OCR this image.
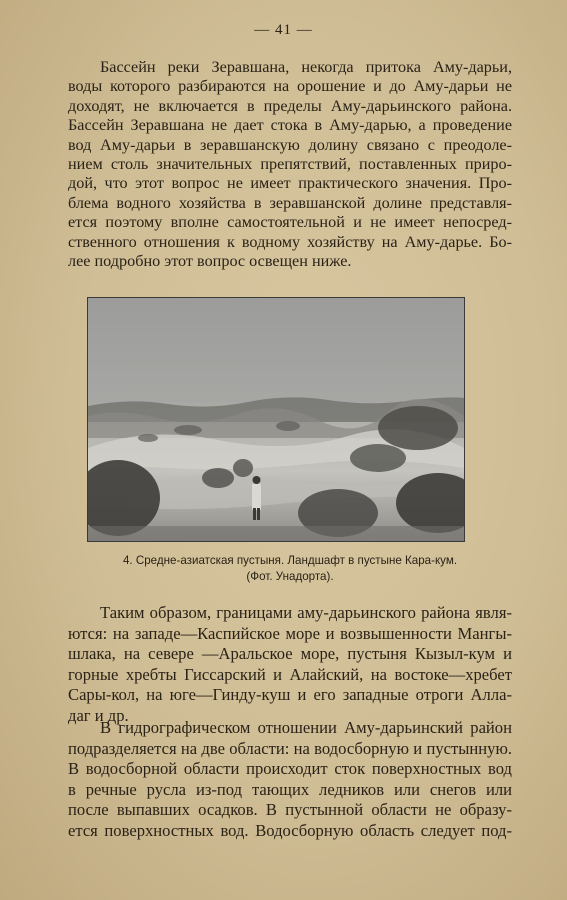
— 41 —
Бассейн реки Зеравшана, некогда притока Аму-дарьи,
воды которого разбираются на орошение и до Аму-дарьи не
доходят, не включается в пределы Аму-дарьинского района.
Бассейн Зеравшана не дает стока в Аму-дарью, а проведение
вод Аму-дарьи в зеравшанскую долину связано с преодоле-
нием столь значительных препятствий, поставленных приро-
дой, что этот вопрос не имеет практического значения. Про-
блема водного хозяйства в зеравшанской долине представля-
ется поэтому вполне самостоятельной и не имеет непосред-
ственного отношения к водному хозяйству на Аму-дарье. Бо-
лее подробно этот вопрос освещен ниже.
4. Средне-азиатская пустыня. Ландшафт в пустыне Кара-кум.
(Фот. Унадорта).
Таким образом, границами аму-дарьинского района явля-
ются: на западе—Каспийское море и возвышенности Мангы-
шлака, на севере —Аральское море, пустыня Кызыл-кум и
горные хребты Гиссарский и Алайский, на востоке—хребет
Сары-кол, на юге—Гинду-куш и его западные отроги Алла-
даг и др.
В гидрографическом отношении Аму-дарьинский район
подразделяется на две области: на водосборную и пустынную.
В водосборной области происходит сток поверхностных вод
в речные русла из-под тающих ледников или снегов или
после выпавших осадков. В пустынной области не образу-
ется поверхностных вод. Водосборную область следует под-
